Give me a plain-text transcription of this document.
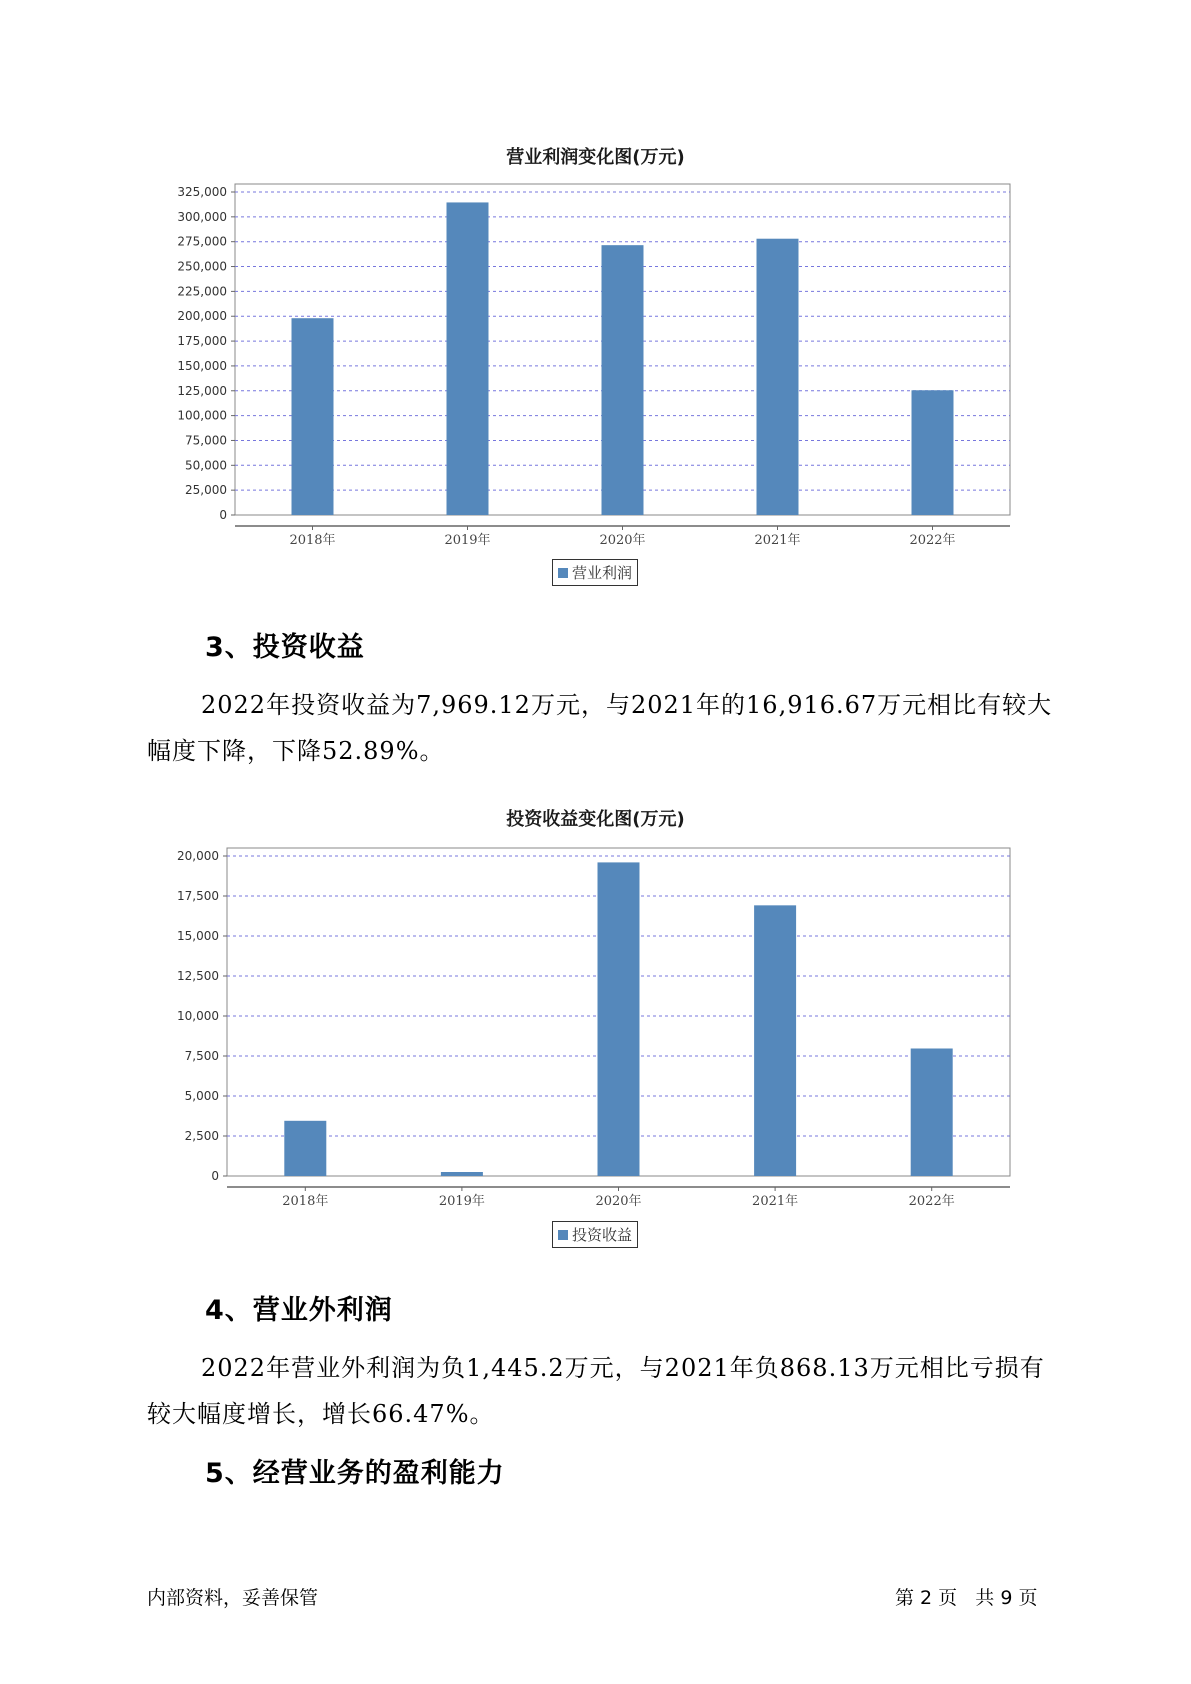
营业利润变化图(万元)
0
25,000
50,000
75,000
100,000
125,000
150,000
175,000
200,000
225,000
250,000
275,000
300,000
325,000
2018年	2019年	2020年	2021年	2022年
营业利润
3、投资收益

2022年投资收益为7,969.12万元，与2021年的16,916.67万元相比有较大幅度下降，下降52.89%。

投资收益变化图(万元)
0
2,500
5,000
7,500
10,000
12,500
15,000
17,500
20,000
2018年	2019年	2020年	2021年	2022年
投资收益
4、营业外利润

2022年营业外利润为负1,445.2万元，与2021年负868.13万元相比亏损有较大幅度增长，增长66.47%。

5、经营业务的盈利能力
内部资料，妥善保管	第 2 页   共 9 页
